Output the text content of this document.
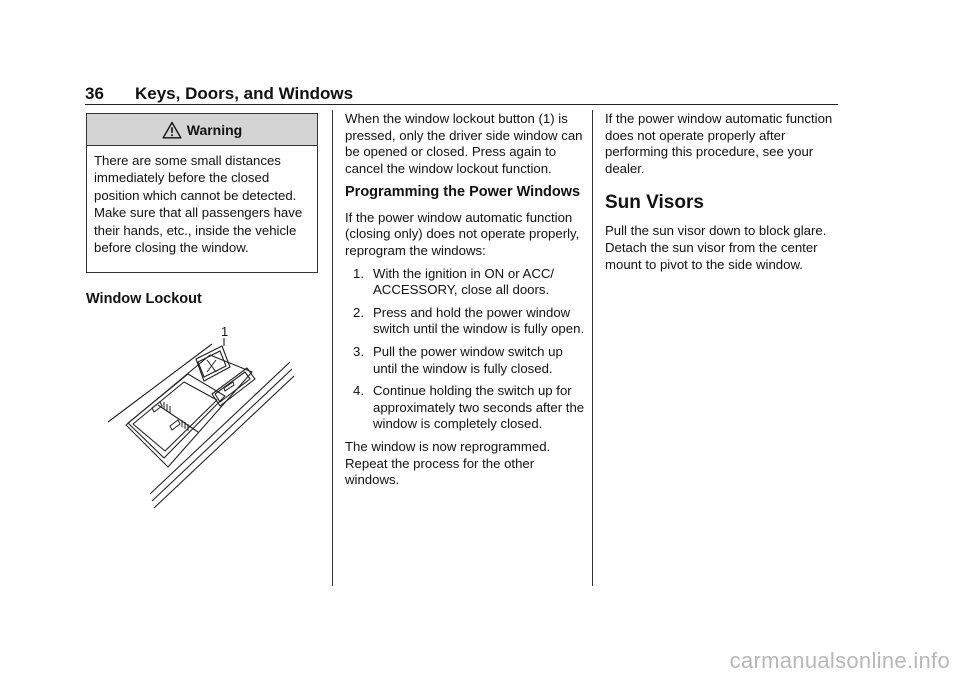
36 Keys, Doors, and Windows
Warning
There are some small distances immediately before the closed position which cannot be detected. Make sure that all passengers have their hands, etc., inside the vehicle before closing the window.
Window Lockout
1

When the window lockout button (1) is pressed, only the driver side window can be opened or closed. Press again to cancel the window lockout function.

Programming the Power Windows

If the power window automatic function (closing only) does not operate properly, reprogram the windows:

1. With the ignition in ON or ACC/ ACCESSORY, close all doors.
2. Press and hold the power window switch until the window is fully open.
3. Pull the power window switch up until the window is fully closed.
4. Continue holding the switch up for approximately two seconds after the window is completely closed.

The window is now reprogrammed. Repeat the process for the other windows.

If the power window automatic function does not operate properly after performing this procedure, see your dealer.

Sun Visors

Pull the sun visor down to block glare. Detach the sun visor from the center mount to pivot to the side window.

carmanualsonline.info
